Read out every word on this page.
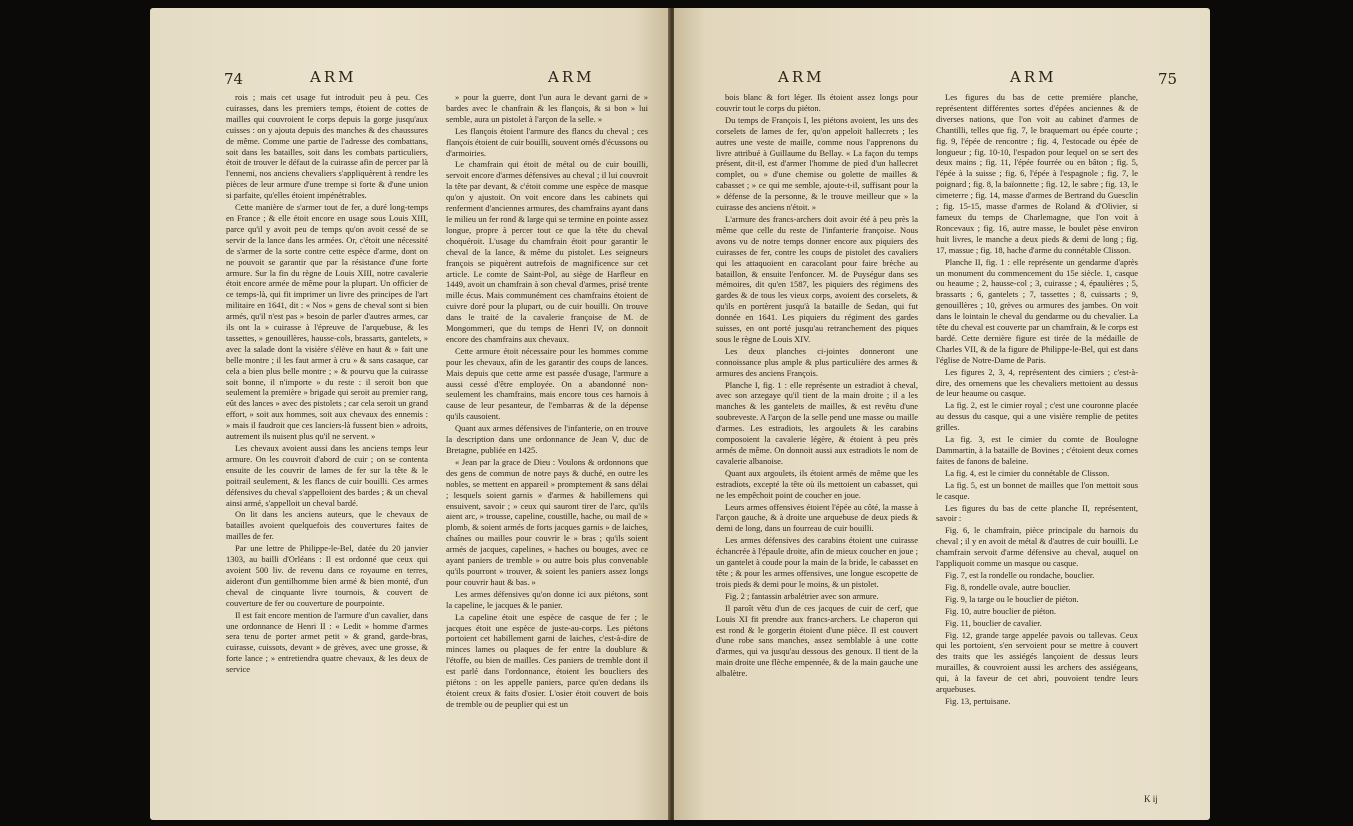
74	ARM	ARM

rois ; mais cet usage fut introduit peu à peu. Ces cuirasses, dans les premiers temps, étoient de cottes de mailles qui couvroient le corps depuis la gorge jusqu'aux cuisses : on y ajouta depuis des manches & des chaussures de même. Comme une partie de l'adresse des combattans, soit dans les batailles, soit dans les combats particuliers, étoit de trouver le défaut de la cuirasse afin de percer par là l'ennemi, nos anciens chevaliers s'appliquèrent à rendre les pièces de leur armure d'une trempe si forte & d'une union si parfaite, qu'elles étoient impénétrables.

Cette manière de s'armer tout de fer, a duré long-temps en France ; & elle étoit encore en usage sous Louis XIII, parce qu'il y avoit peu de temps qu'on avoit cessé de se servir de la lance dans les armées. Or, c'étoit une nécessité de s'armer de la sorte contre cette espèce d'arme, dont on ne pouvoit se garantir que par la résistance d'une forte armure. Sur la fin du règne de Louis XIII, notre cavalerie étoit encore armée de même pour la plupart. Un officier de ce temps-là, qui fit imprimer un livre des principes de l'art militaire en 1641, dit : « Nos » gens de cheval sont si bien armés, qu'il n'est pas » besoin de parler d'autres armes, car ils ont la » cuirasse à l'épreuve de l'arquebuse, & les tassettes, » genouillères, hausse-cols, brassarts, gantelets, » avec la salade dont la visière s'élève en haut & » fait une belle montre ; il les faut armer à cru » & sans casaque, car cela a bien plus belle montre ; » & pourvu que la cuirasse soit bonne, il n'importe » du reste : il seroit bon que seulement la première » brigade qui seroit au premier rang, eût des lances » avec des pistolets ; car cela seroit un grand effort, » soit aux hommes, soit aux chevaux des ennemis : » mais il faudroit que ces lanciers-là fussent bien » adroits, autrement ils nuisent plus qu'il ne servent. »

Les chevaux avoient aussi dans les anciens temps leur armure. On les couvroit d'abord de cuir ; on se contenta ensuite de les couvrir de lames de fer sur la tête & le poitrail seulement, & les flancs de cuir bouilli. Ces armes défensives du cheval s'appelloient des bardes ; & un cheval ainsi armé, s'appelloit un cheval bardé.

On lit dans les anciens auteurs, que le chevaux de batailles avoient quelquefois des couvertures faites de mailles de fer.

Par une lettre de Philippe-le-Bel, datée du 20 janvier 1303, au bailli d'Orléans : Il est ordonné que ceux qui avoient 500 liv. de revenu dans ce royaume en terres, aideront d'un gentilhomme bien armé & bien monté, d'un cheval de cinquante livre tournois, & couvert de couverture de fer ou couverture de pourpointe.

Il est fait encore mention de l'armure d'un cavalier, dans une ordonnance de Henri II : « Ledit » homme d'armes sera tenu de porter armet petit » & grand, garde-bras, cuirasse, cuissots, devant » de grèves, avec une grosse, & forte lance ; » entretiendra quatre chevaux, & les deux de service

» pour la guerre, dont l'un aura le devant garni de » bardes avec le chanfrain & les flançois, & si bon » lui semble, aura un pistolet à l'arçon de la selle. »

Les flançois étoient l'armure des flancs du cheval ; ces flançois étoient de cuir bouilli, souvent ornés d'écussons ou d'armoiries.

Le chamfrain qui étoit de métal ou de cuir bouilli, servoit encore d'armes défensives au cheval ; il lui couvroit la tête par devant, & c'étoit comme une espèce de masque qu'on y ajustoit. On voit encore dans les cabinets qui renferment d'anciennes armures, des chamfrains ayant dans le milieu un fer rond & large qui se termine en pointe assez longue, propre à percer tout ce que la tête du cheval choquéroit. L'usage du chamfrain étoit pour garantir le cheval de la lance, & même du pistolet. Les seigneurs françois se piquèrent autrefois de magnificence sur cet article. Le comte de Saint-Pol, au siège de Harfleur en 1449, avoit un chamfrain à son cheval d'armes, prisé trente mille écus. Mais communément ces chamfrains étoient de cuivre doré pour la plupart, ou de cuir bouilli. On trouve dans le traité de la cavalerie françoise de M. de Mongommeri, que du temps de Henri IV, on donnoit encore des chamfrains aux chevaux.

Cette armure étoit nécessaire pour les hommes comme pour les chevaux, afin de les garantir des coups de lances. Mais depuis que cette arme est passée d'usage, l'armure a aussi cessé d'être employée. On a abandonné non-seulement les chamfrains, mais encore tous ces harnois à cause de leur pesanteur, de l'embarras & de la dépense qu'ils causoient.

Quant aux armes défensives de l'infanterie, on en trouve la description dans une ordonnance de Jean V, duc de Bretagne, publiée en 1425.

« Jean par la grace de Dieu : Voulons & ordonnons que des gens de commun de notre pays & duché, en outre les nobles, se mettent en appareil » promptement & sans délai ; lesquels soient garnis » d'armes & habillemens qui ensuivent, savoir ; » ceux qui sauront tirer de l'arc, qu'ils aient arc, » trousse, capeline, coustille, hache, ou mail de » plomb, & soient armés de forts jacques garnis » de laiches, chaînes ou mailles pour couvrir le » bras ; qu'ils soient armés de jacques, capelines, » haches ou bouges, avec ce ayant paniers de tremble » ou autre bois plus convenable qu'ils pourront » trouver, & soient les paniers assez longs pour couvrir haut & bas. »

Les armes défensives qu'on donne ici aux piétons, sont la capeline, le jacques & le panier.

La capeline étoit une espèce de casque de fer ; le jacques étoit une espèce de juste-au-corps. Les piétons portoient cet habillement garni de laiches, c'est-à-dire de minces lames ou plaques de fer entre la doublure & l'étoffe, ou bien de mailles. Ces paniers de tremble dont il est parlé dans l'ordonnance, étoient les boucliers des piétons : on les appelle paniers, parce qu'en dedans ils étoient creux & faits d'osier. L'osier étoit couvert de bois de tremble ou de peuplier qui est un

ARM	ARM	75

bois blanc & fort léger. Ils étoient assez longs pour couvrir tout le corps du piéton.

Du temps de François I, les piétons avoient, les uns des corselets de lames de fer, qu'on appeloit hallecrets ; les autres une veste de maille, comme nous l'apprenons du livre attribué à Guillaume du Bellay. « La façon du temps présent, dit-il, est d'armer l'homme de pied d'un hallecret complet, ou » d'une chemise ou golette de mailles & cabasset ; » ce qui me semble, ajoute-t-il, suffisant pour la » défense de la personne, & le trouve meilleur que » la cuirasse des anciens n'étoit. »

L'armure des francs-archers doit avoir été à peu près la même que celle du reste de l'infanterie françoise. Nous avons vu de notre temps donner encore aux piquiers des cuirasses de fer, contre les coups de pistolet des cavaliers qui les attaquoient en caracolant pour faire brèche au bataillon, & ensuite l'enfoncer. M. de Puységur dans ses mémoires, dit qu'en 1587, les piquiers des régimens des gardes & de tous les vieux corps, avoient des corselets, & qu'ils en portèrent jusqu'à la bataille de Sedan, qui fut donnée en 1641. Les piquiers du régiment des gardes suisses, en ont porté jusqu'au retranchement des piques sous le règne de Louis XIV.

Les deux planches ci-jointes donneront une connoissance plus ample & plus particulière des armes & armures des anciens François.

Planche I, fig. 1 : elle représente un estradiot à cheval, avec son arzegaye qu'il tient de la main droite ; il a les manches & les gantelets de mailles, & est revêtu d'une soubreveste. A l'arçon de la selle pend une masse ou maille d'armes. Les estradiots, les argoulets & les carabins composoient la cavalerie légère, & étoient à peu près armés de même. On donnoit aussi aux estradiots le nom de cavalerie albanoise.

Quant aux argoulets, ils étoient armés de même que les estradiots, excepté la tête où ils mettoient un cabasset, qui ne les empêchoit point de coucher en joue.

Leurs armes offensives étoient l'épée au côté, la masse à l'arçon gauche, & à droite une arquebuse de deux pieds & demi de long, dans un fourreau de cuir bouilli.

Les armes défensives des carabins étoient une cuirasse échancrée à l'épaule droite, afin de mieux coucher en joue ; un gantelet à coude pour la main de la bride, le cabasset en tête ; & pour les armes offensives, une longue escopette de trois pieds & demi pour le moins, & un pistolet.

Fig. 2 ; fantassin arbalétrier avec son armure.

Il paroît vêtu d'un de ces jacques de cuir de cerf, que Louis XI fit prendre aux francs-archers. Le chaperon qui est rond & le gorgerin étoient d'une pièce. Il est couvert d'une robe sans manches, assez semblable à une cotte d'armes, qui va jusqu'au dessous des genoux. Il tient de la main droite une flèche empennée, & de la main gauche une albalètre.

Les figures du bas de cette première planche, représentent différentes sortes d'épées anciennes & de diverses nations, que l'on voit au cabinet d'armes de Chantilli, telles que fig. 7, le braquemart ou épée courte ; fig. 9, l'épée de rencontre ; fig. 4, l'estocade ou épée de longueur ; fig. 10-10, l'espadon pour lequel on se sert des deux mains ; fig. 11, l'épée fourrée ou en bâton ; fig. 5, l'épée à la suisse ; fig. 6, l'épée à l'espagnole ; fig. 7, le poignard ; fig. 8, la baïonnette ; fig. 12, le sabre ; fig. 13, le cimeterre ; fig. 14, masse d'armes de Bertrand du Guesclin ; fig. 15-15, masse d'armes de Roland & d'Olivier, si fameux du temps de Charlemagne, que l'on voit à Roncevaux ; fig. 16, autre masse, le boulet pèse environ huit livres, le manche a deux pieds & demi de long ; fig. 17, massue ; fig. 18, hache d'arme du connétable Clisson.

Planche II, fig. 1 : elle représente un gendarme d'après un monument du commencement du 15e siècle. 1, casque ou heaume ; 2, hausse-col ; 3, cuirasse ; 4, épaulières ; 5, brassarts ; 6, gantelets ; 7, tassettes ; 8, cuissarts ; 9, genouillères ; 10, grèves ou armures des jambes. On voit dans le lointain le cheval du gendarme ou du chevalier. La tête du cheval est couverte par un chamfrain, & le corps est bardé. Cette dernière figure est tirée de la médaille de Charles VII, & de la figure de Philippe-le-Bel, qui est dans l'église de Notre-Dame de Paris.

Les figures 2, 3, 4, représentent des cimiers ; c'est-à-dire, des ornemens que les chevaliers mettoient au dessus de leur heaume ou casque.

La fig. 2, est le cimier royal ; c'est une couronne placée au dessus du casque, qui a une visière remplie de petites grilles.

La fig. 3, est le cimier du comte de Boulogne Dammartin, à la bataille de Bovines ; c'étoient deux cornes faites de fanons de baleine.

La fig. 4, est le cimier du connétable de Clisson.

La fig. 5, est un bonnet de mailles que l'on mettoit sous le casque.

Les figures du bas de cette planche II, représentent, savoir :

Fig. 6, le chamfrain, pièce principale du harnois du cheval ; il y en avoit de métal & d'autres de cuir bouilli. Le chamfrain servoit d'arme défensive au cheval, auquel on l'appliquoit comme un masque ou casque.

Fig. 7, est la rondelle ou rondache, bouclier.

Fig. 8, rondelle ovale, autre bouclier.

Fig. 9, la targe ou le bouclier de piéton.

Fig. 10, autre bouclier de piéton.

Fig. 11, bouclier de cavalier.

Fig. 12, grande targe appelée pavois ou tallevas. Ceux qui les portoient, s'en servoient pour se mettre à couvert des traits que les assiégés lançoient de dessus leurs murailles, & couvroient aussi les archers des assiégeans, qui, à la faveur de cet abri, pouvoient tendre leurs arquebuses.

Fig. 13, pertuisane.

K ij
